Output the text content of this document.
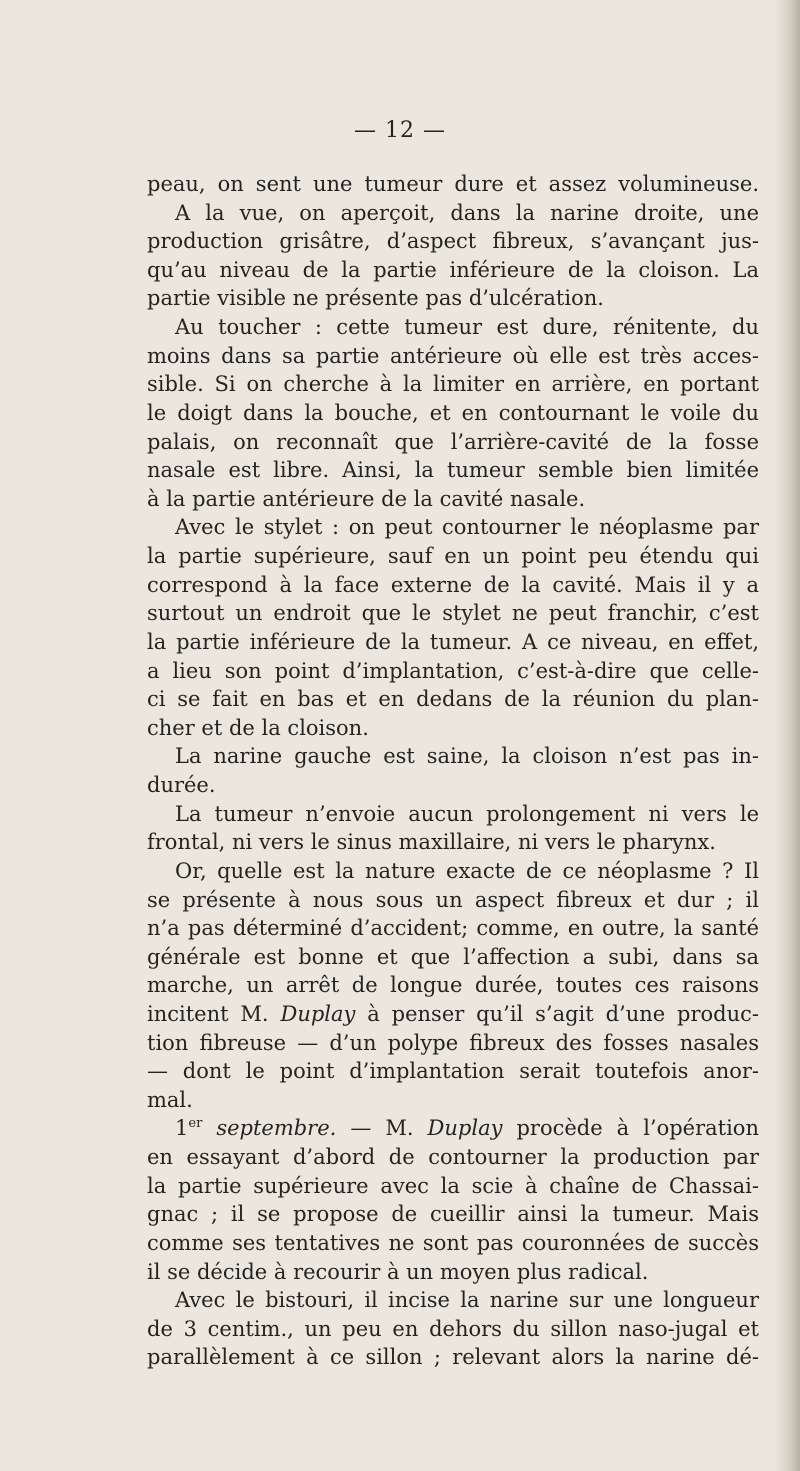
— 12 —
peau, on sent une tumeur dure et assez volumineuse.
A la vue, on aperçoit, dans la narine droite, une
production grisâtre, d’aspect fibreux, s’avançant jus-
qu’au niveau de la partie inférieure de la cloison. La
partie visible ne présente pas d’ulcération.
Au toucher : cette tumeur est dure, rénitente, du
moins dans sa partie antérieure où elle est très acces-
sible. Si on cherche à la limiter en arrière, en portant
le doigt dans la bouche, et en contournant le voile du
palais, on reconnaît que l’arrière-cavité de la fosse
nasale est libre. Ainsi, la tumeur semble bien limitée
à la partie antérieure de la cavité nasale.
Avec le stylet : on peut contourner le néoplasme par
la partie supérieure, sauf en un point peu étendu qui
correspond à la face externe de la cavité. Mais il y a
surtout un endroit que le stylet ne peut franchir, c’est
la partie inférieure de la tumeur. A ce niveau, en effet,
a lieu son point d’implantation, c’est-à-dire que celle-
ci se fait en bas et en dedans de la réunion du plan-
cher et de la cloison.
La narine gauche est saine, la cloison n’est pas in-
durée.
La tumeur n’envoie aucun prolongement ni vers le
frontal, ni vers le sinus maxillaire, ni vers le pharynx.
Or, quelle est la nature exacte de ce néoplasme ? Il
se présente à nous sous un aspect fibreux et dur ; il
n’a pas déterminé d’accident; comme, en outre, la santé
générale est bonne et que l’affection a subi, dans sa
marche, un arrêt de longue durée, toutes ces raisons
incitent M. Duplay à penser qu’il s’agit d’une produc-
tion fibreuse — d’un polype fibreux des fosses nasales
— dont le point d’implantation serait toutefois anor-
mal.
1er septembre. — M. Duplay procède à l’opération
en essayant d’abord de contourner la production par
la partie supérieure avec la scie à chaîne de Chassai-
gnac ; il se propose de cueillir ainsi la tumeur. Mais
comme ses tentatives ne sont pas couronnées de succès
il se décide à recourir à un moyen plus radical.
Avec le bistouri, il incise la narine sur une longueur
de 3 centim., un peu en dehors du sillon naso-jugal et
parallèlement à ce sillon ; relevant alors la narine dé-
